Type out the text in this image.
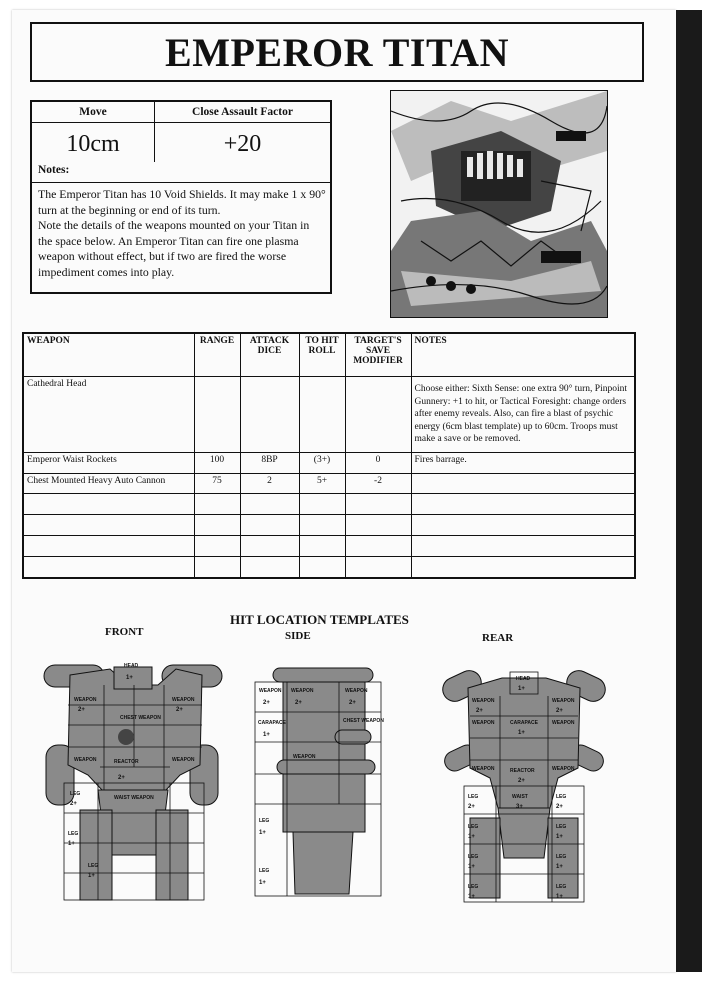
EMPEROR TITAN
Move	Close Assault Factor
10cm	+20
Notes:

The Emperor Titan has 10 Void Shields. It may make 1 x 90° turn at the beginning or end of its turn.

Note the details of the weapons mounted on your Titan in the space below. An Emperor Titan can fire one plasma weapon without effect, but if two are fired the worse impediment comes into play.

WEAPON	RANGE	ATTACK DICE	TO HIT ROLL	TARGET'S SAVE MODIFIER	NOTES
Cathedral Head					Choose either: Sixth Sense: one extra 90° turn, Pinpoint Gunnery: +1 to hit, or Tactical Foresight: change orders after enemy reveals. Also, can fire a blast of psychic energy (6cm blast template) up to 60cm. Troops must make a save or be removed.
Emperor Waist Rockets	100	8BP	(3+)	0	Fires barrage.
Chest Mounted Heavy Auto Cannon	75	2	5+	-2	

HIT LOCATION TEMPLATES
FRONT	SIDE	REAR
HEAD
1+
WEAPON
2+
WEAPON
2+
CHEST WEAPON
WEAPON	WEAPON
REACTOR
2+
WAIST WEAPON
LEG
2+
LEG
1+
LEG
1+
WEAPON
2+
WEAPON
2+
WEAPON
2+
CARAPACE
1+
CHEST WEAPON
WEAPON
LEG
1+
LEG
1+
HEAD
1+
WEAPON
2+
WEAPON
2+
CARAPACE
1+
WEAPON	WEAPON
WEAPON	WEAPON
REACTOR
2+
WAIST
3+
LEG
2+
LEG
2+
LEG
1+
LEG
1+
LEG
1+
LEG
1+
LEG
1+
LEG
1+
